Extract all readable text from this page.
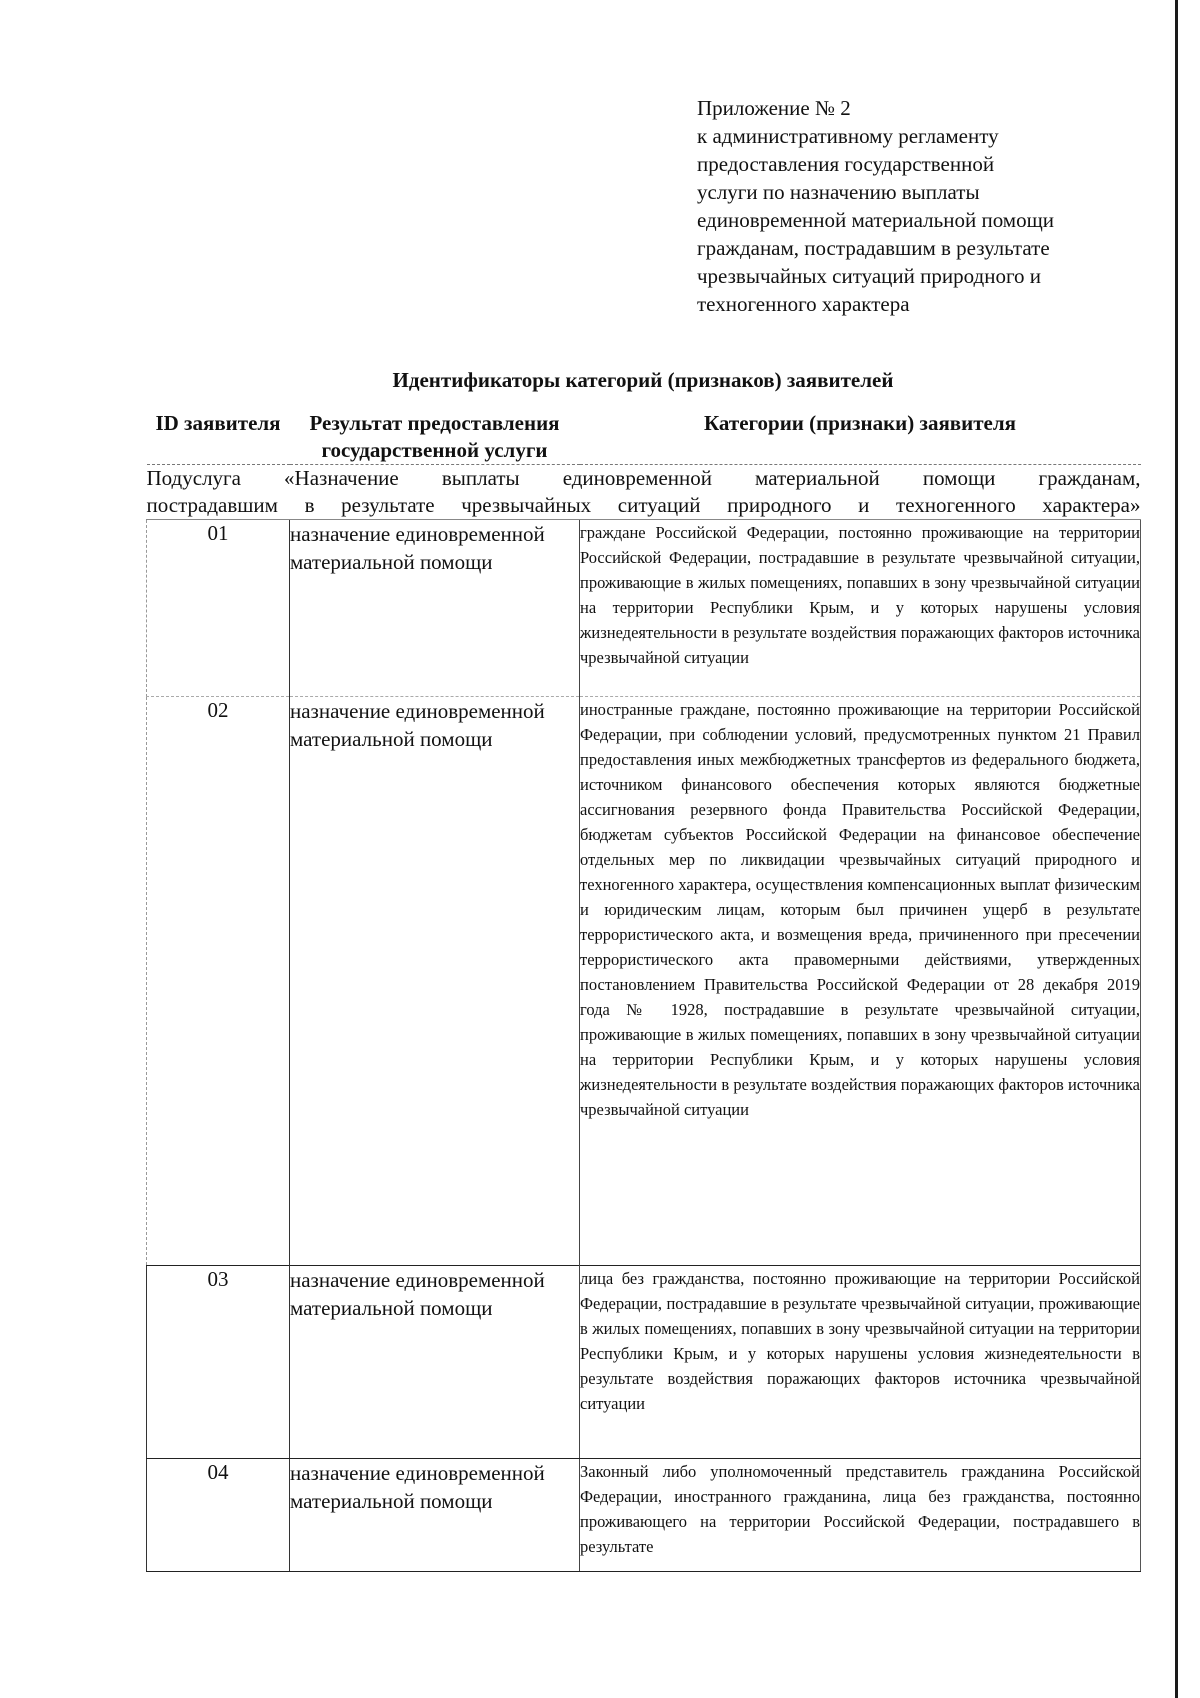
Приложение № 2
к административному регламенту
предоставления государственной
услуги по назначению выплаты
единовременной материальной помощи
гражданам, пострадавшим в результате
чрезвычайных ситуаций природного и
техногенного характера
Идентификаторы категорий (признаков) заявителей
ID заявителя	Результат предоставления государственной услуги	Категории (признаки) заявителя

Подуслуга «Назначение выплаты единовременной материальной помощи гражданам,
пострадавшим в результате чрезвычайных ситуаций природного и техногенного характера»		

01	назначение единовременной материальной помощи	граждане Российской Федерации, постоянно проживающие на территории Российской Федерации, пострадавшие в результате чрезвычайной ситуации, проживающие в жилых помещениях, попавших в зону чрезвычайной ситуации на территории Республики Крым, и у которых нарушены условия жизнедеятельности в результате воздействия поражающих факторов источника чрезвычайной ситуации
02	назначение единовременной материальной помощи	иностранные граждане, постоянно проживающие на территории Российской Федерации, при соблюдении условий, предусмотренных пунктом 21 Правил предоставления иных межбюджетных трансфертов из федерального бюджета, источником финансового обеспечения которых являются бюджетные ассигнования резервного фонда Правительства Российской Федерации, бюджетам субъектов Российской Федерации на финансовое обеспечение отдельных мер по ликвидации чрезвычайных ситуаций природного и техногенного характера, осуществления компенсационных выплат физическим и юридическим лицам, которым был причинен ущерб в результате террористического акта, и возмещения вреда, причиненного при пресечении террористического акта правомерными действиями, утвержденных постановлением Правительства Российской Федерации от 28 декабря 2019 года № 1928, пострадавшие в результате чрезвычайной ситуации, проживающие в жилых помещениях, попавших в зону чрезвычайной ситуации на территории Республики Крым, и у которых нарушены условия жизнедеятельности в результате воздействия поражающих факторов источника чрезвычайной ситуации
03	назначение единовременной материальной помощи	лица без гражданства, постоянно проживающие на территории Российской Федерации, пострадавшие в результате чрезвычайной ситуации, проживающие в жилых помещениях, попавших в зону чрезвычайной ситуации на территории Республики Крым, и у которых нарушены условия жизнедеятельности в результате воздействия поражающих факторов источника чрезвычайной ситуации
04	назначение единовременной материальной помощи	Законный либо уполномоченный представитель гражданина Российской Федерации, иностранного гражданина, лица без гражданства, постоянно проживающего на территории Российской Федерации, пострадавшего в результате
